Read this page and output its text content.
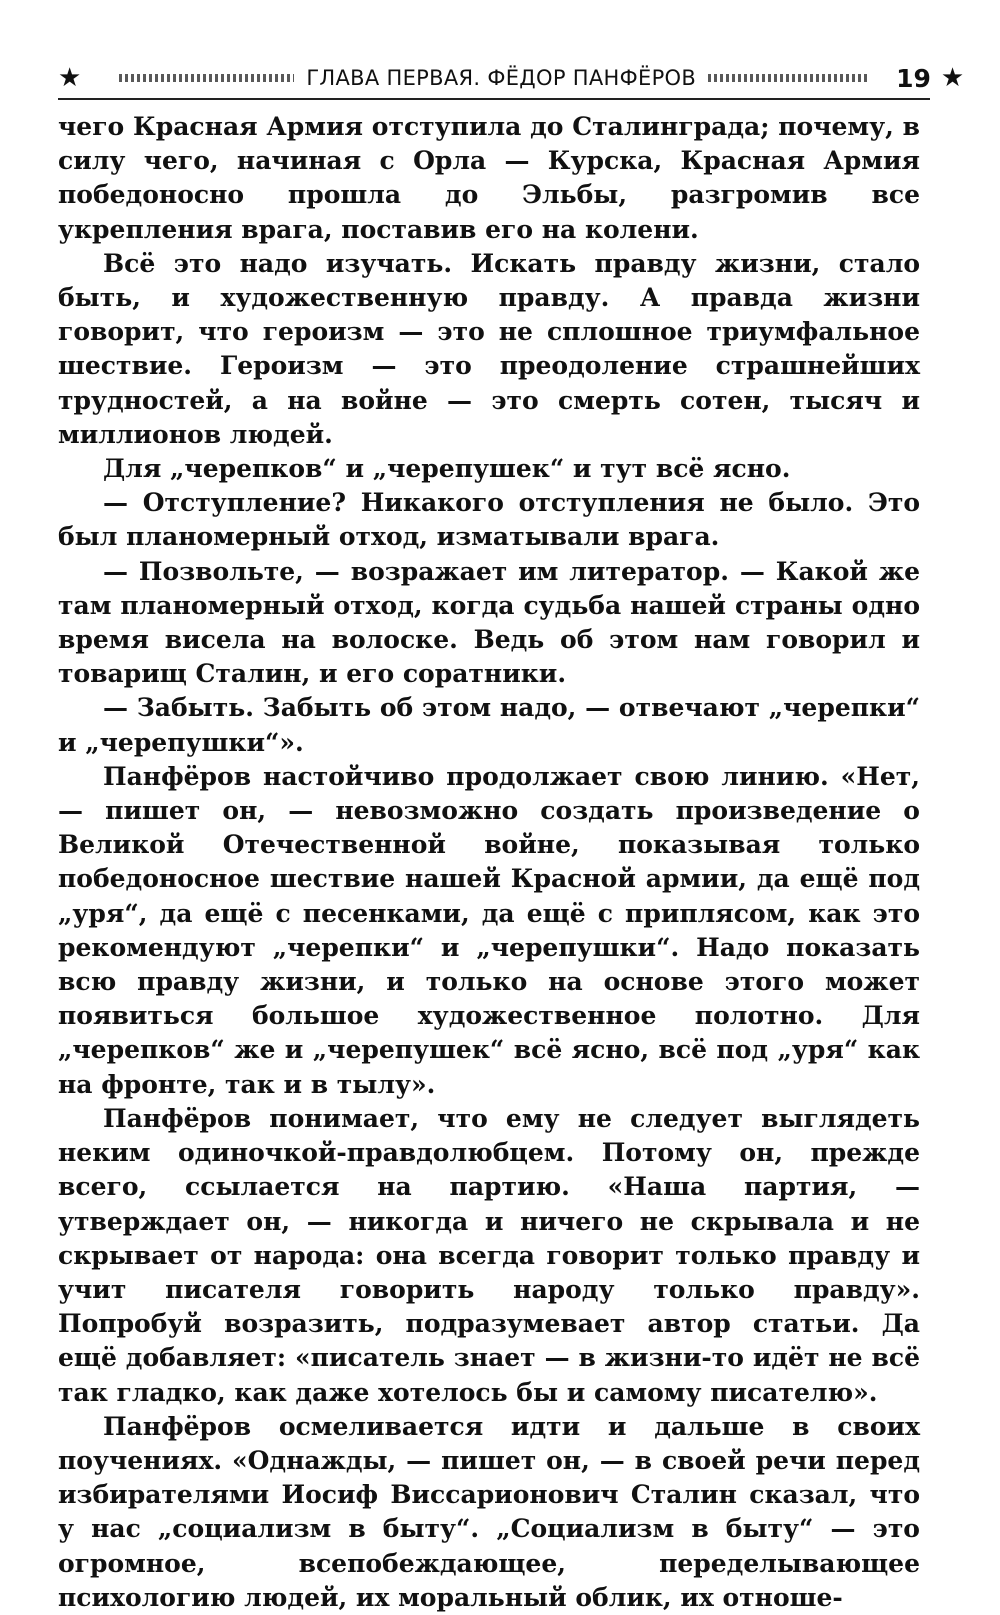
★	ГЛАВА ПЕРВАЯ. ФЁДОР ПАНФЁРОВ	19 ★

чего Красная Армия отступила до Сталинграда; почему, в силу чего, начиная с Орла — Курска, Красная Армия победоносно прошла до Эльбы, разгромив все укрепления врага, поставив его на колени.

Всё это надо изучать. Искать правду жизни, стало быть, и художественную правду. А правда жизни говорит, что героизм — это не сплошное триумфальное шествие. Героизм — это преодоление страшнейших трудностей, а на войне — это смерть сотен, тысяч и миллионов людей.

Для „черепков“ и „черепушек“ и тут всё ясно.

— Отступление? Никакого отступления не было. Это был планомерный отход, изматывали врага.

— Позвольте, — возражает им литератор. — Какой же там планомерный отход, когда судьба нашей страны одно время висела на волоске. Ведь об этом нам говорил и товарищ Сталин, и его соратники.

— Забыть. Забыть об этом надо, — отвечают „черепки“ и „черепушки“».

Панфёров настойчиво продолжает свою линию. «Нет, — пишет он, — невозможно создать произведение о Великой Отечественной войне, показывая только победоносное шествие нашей Красной армии, да ещё под „уря“, да ещё с песенками, да ещё с приплясом, как это рекомендуют „черепки“ и „черепушки“. Надо показать всю правду жизни, и только на основе этого может появиться большое художественное полотно. Для „черепков“ же и „черепушек“ всё ясно, всё под „уря“ как на фронте, так и в тылу».

Панфёров понимает, что ему не следует выглядеть неким одиночкой-правдолюбцем. Потому он, прежде всего, ссылается на партию. «Наша партия, — утверждает он, — никогда и ничего не скрывала и не скрывает от народа: она всегда говорит только правду и учит писателя говорить народу только правду». Попробуй возразить, подразумевает автор статьи. Да ещё добавляет: «писатель знает — в жизни-то идёт не всё так гладко, как даже хотелось бы и самому писателю».

Панфёров осмеливается идти и дальше в своих поучениях. «Однажды, — пишет он, — в своей речи перед избирателями Иосиф Виссарионович Сталин сказал, что у нас „социализм в быту“. „Социализм в быту“ — это огромное, всепобеждающее, переделывающее психологию людей, их моральный облик, их отноше-
